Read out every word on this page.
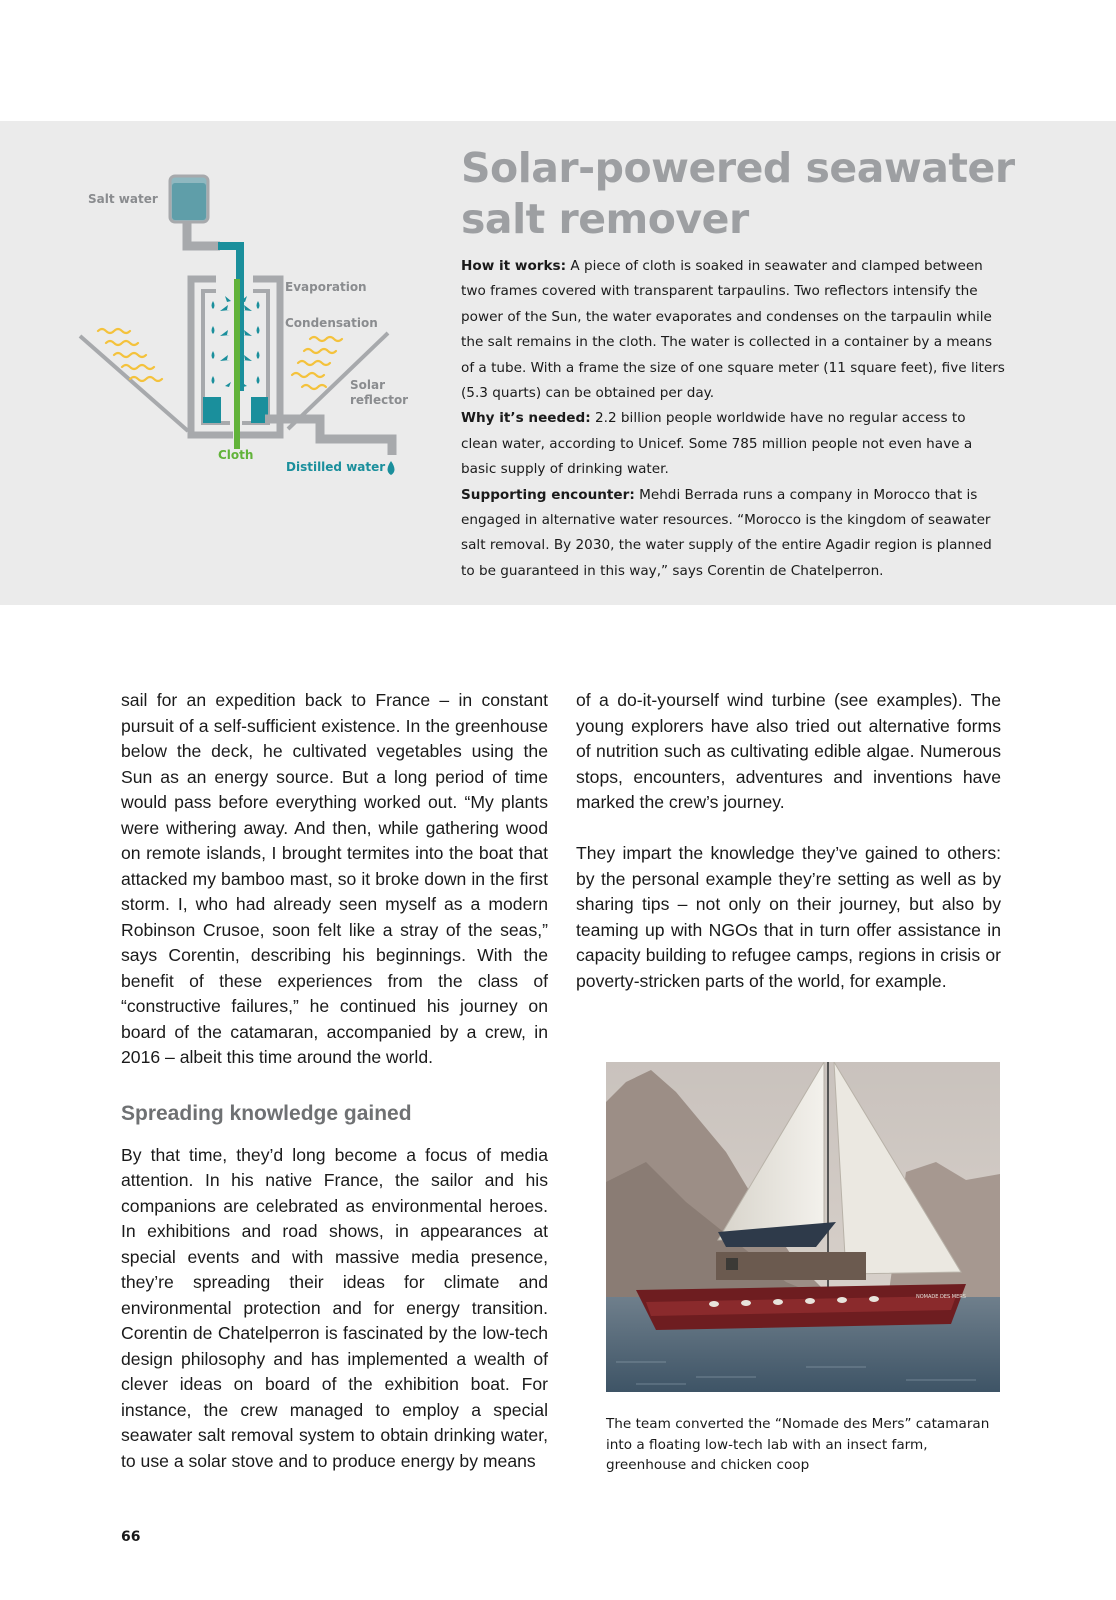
Salt water
Evaporation
Condensation
Solar
reflector
Cloth
Distilled water
Solar-powered seawater salt remover

How it works: A piece of cloth is soaked in seawater and clamped between two frames covered with transparent tarpaulins. Two reflectors intensify the power of the Sun, the water evaporates and condenses on the tarpaulin while the salt remains in the cloth. The water is collected in a container by a means of a tube. With a frame the size of one square meter (11 square feet), five liters (5.3 quarts) can be obtained per day.

Why it’s needed: 2.2 billion people worldwide have no regular access to clean water, according to Unicef. Some 785 million people not even have a basic supply of drinking water.

Supporting encounter: Mehdi Berrada runs a company in Morocco that is engaged in alternative water resources. “Morocco is the kingdom of seawater salt removal. By 2030, the water supply of the entire Agadir region is planned to be guaranteed in this way,” says Corentin de Chatelperron.

sail for an expedition back to France – in constant pursuit of a self-sufficient existence. In the greenhouse below the deck, he cultivated vegetables using the Sun as an energy source. But a long period of time would pass before everything worked out. “My plants were withering away. And then, while gathering wood on remote islands, I brought termites into the boat that attacked my bamboo mast, so it broke down in the first storm. I, who had already seen myself as a modern Robinson Crusoe, soon felt like a stray of the seas,” says Corentin, describing his beginnings. With the benefit of these experiences from the class of “constructive failures,” he continued his journey on board of the catamaran, accompanied by a crew, in 2016 – albeit this time around the world.

Spreading knowledge gained

By that time, they’d long become a focus of media attention. In his native France, the sailor and his companions are celebrated as environmental heroes. In exhibitions and road shows, in appearances at special events and with massive media presence, they’re spreading their ideas for climate and environmental protection and for energy transition. Corentin de Chatelperron is fascinated by the low-tech design philosophy and has implemented a wealth of clever ideas on board of the exhibition boat. For instance, the crew managed to employ a special seawater salt removal system to obtain drinking water, to use a solar stove and to produce energy by means

of a do-it-yourself wind turbine (see examples). The young explorers have also tried out alternative forms of nutrition such as cultivating edible algae. Numerous stops, encounters, adventures and inventions have marked the crew’s journey.

They impart the knowledge they’ve gained to others: by the personal example they’re setting as well as by sharing tips – not only on their journey, but also by teaming up with NGOs that in turn offer assistance in capacity building to refugee camps, regions in crisis or poverty-stricken parts of the world, for example.

NOMADE DES MERS

The team converted the “Nomade des Mers” catamaran into a floating low-tech lab with an insect farm, greenhouse and chicken coop

66
